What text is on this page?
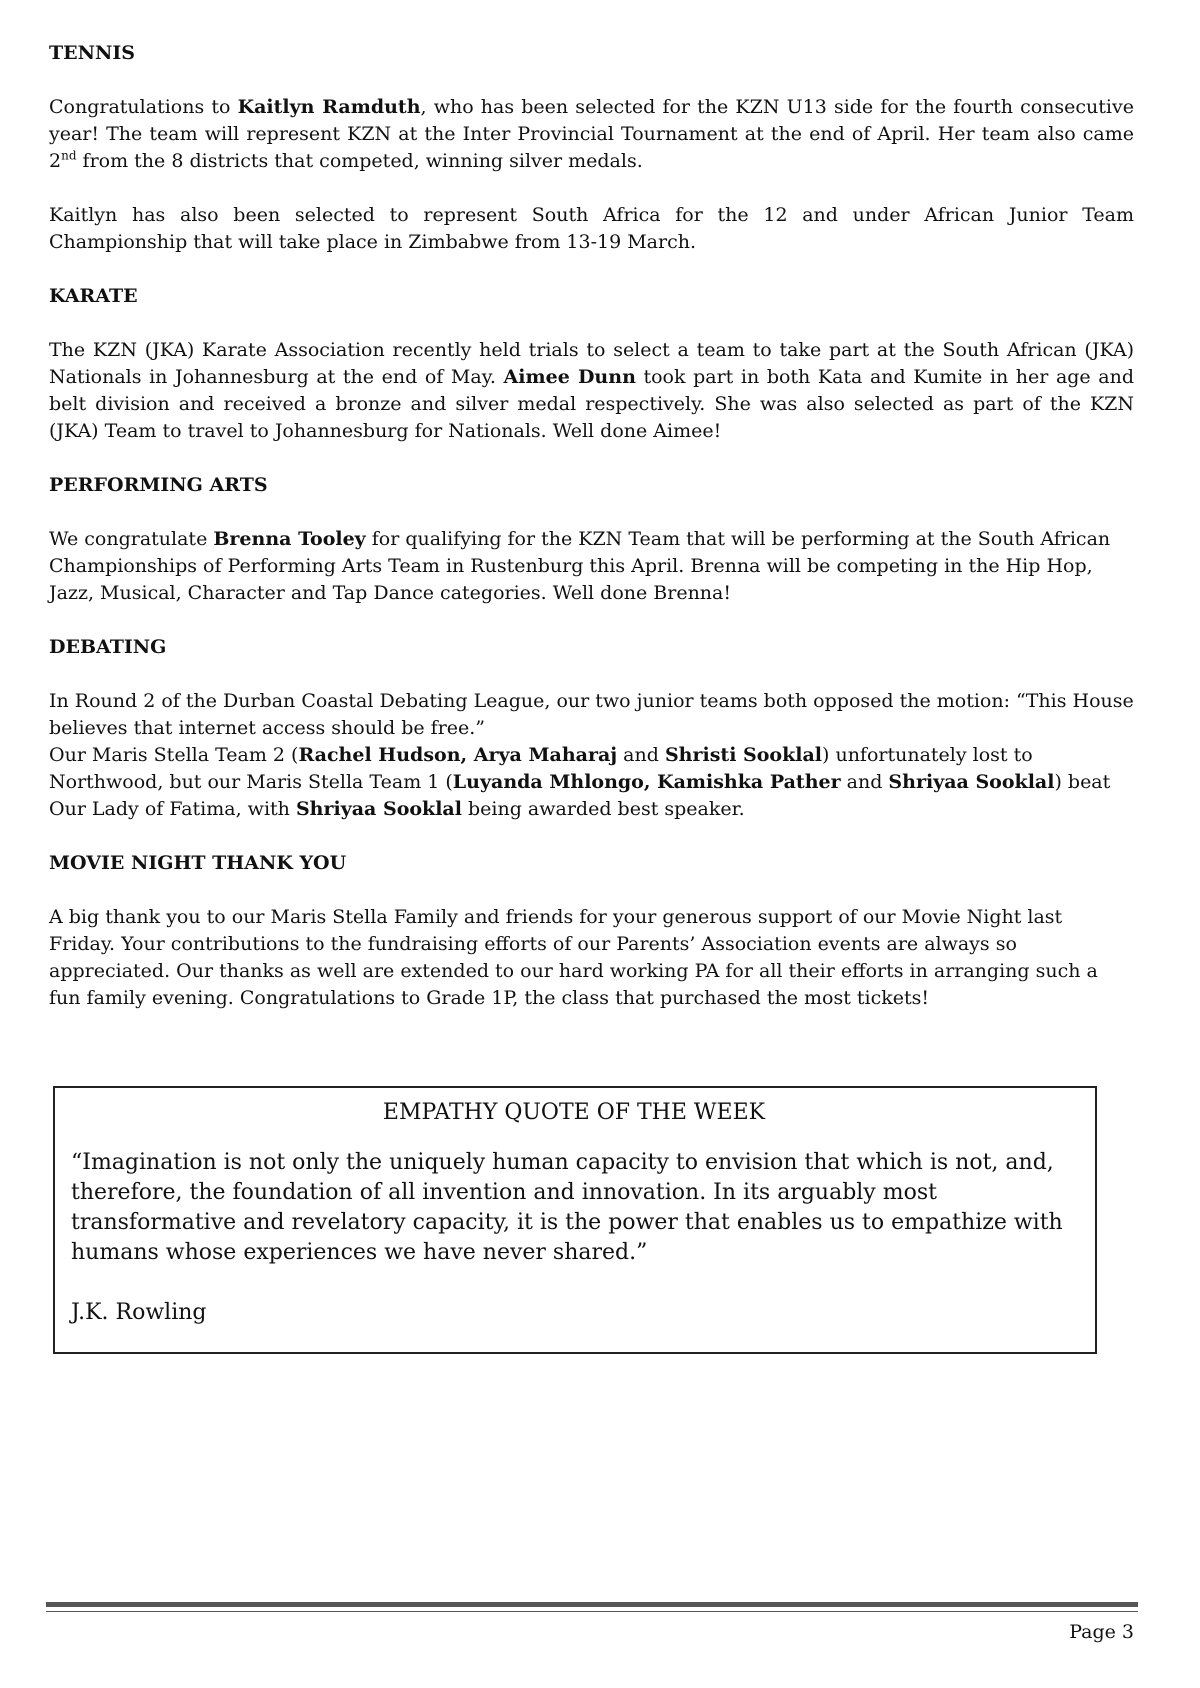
TENNIS

Congratulations to Kaitlyn Ramduth, who has been selected for the KZN U13 side for the fourth consecutive year! The team will represent KZN at the Inter Provincial Tournament at the end of April. Her team also came 2nd from the 8 districts that competed, winning silver medals.

Kaitlyn has also been selected to represent South Africa for the 12 and under African Junior Team Championship that will take place in Zimbabwe from 13-19 March.

KARATE

The KZN (JKA) Karate Association recently held trials to select a team to take part at the South African (JKA) Nationals in Johannesburg at the end of May. Aimee Dunn took part in both Kata and Kumite in her age and belt division and received a bronze and silver medal respectively. She was also selected as part of the KZN (JKA) Team to travel to Johannesburg for Nationals. Well done Aimee!

PERFORMING ARTS

We congratulate Brenna Tooley for qualifying for the KZN Team that will be performing at the South African Championships of Performing Arts Team in Rustenburg this April. Brenna will be competing in the Hip Hop, Jazz, Musical, Character and Tap Dance categories. Well done Brenna!

DEBATING

In Round 2 of the Durban Coastal Debating League, our two junior teams both opposed the motion: “This House believes that internet access should be free.”

Our Maris Stella Team 2 (Rachel Hudson, Arya Maharaj and Shristi Sooklal) unfortunately lost to Northwood, but our Maris Stella Team 1 (Luyanda Mhlongo, Kamishka Pather and Shriyaa Sooklal) beat Our Lady of Fatima, with Shriyaa Sooklal being awarded best speaker.

MOVIE NIGHT THANK YOU

A big thank you to our Maris Stella Family and friends for your generous support of our Movie Night last Friday. Your contributions to the fundraising efforts of our Parents’ Association events are always so appreciated. Our thanks as well are extended to our hard working PA for all their efforts in arranging such a fun family evening. Congratulations to Grade 1P, the class that purchased the most tickets!

EMPATHY QUOTE OF THE WEEK

“Imagination is not only the uniquely human capacity to envision that which is not, and, therefore, the foundation of all invention and innovation. In its arguably most transformative and revelatory capacity, it is the power that enables us to empathize with humans whose experiences we have never shared.”

J.K. Rowling

Page 3
